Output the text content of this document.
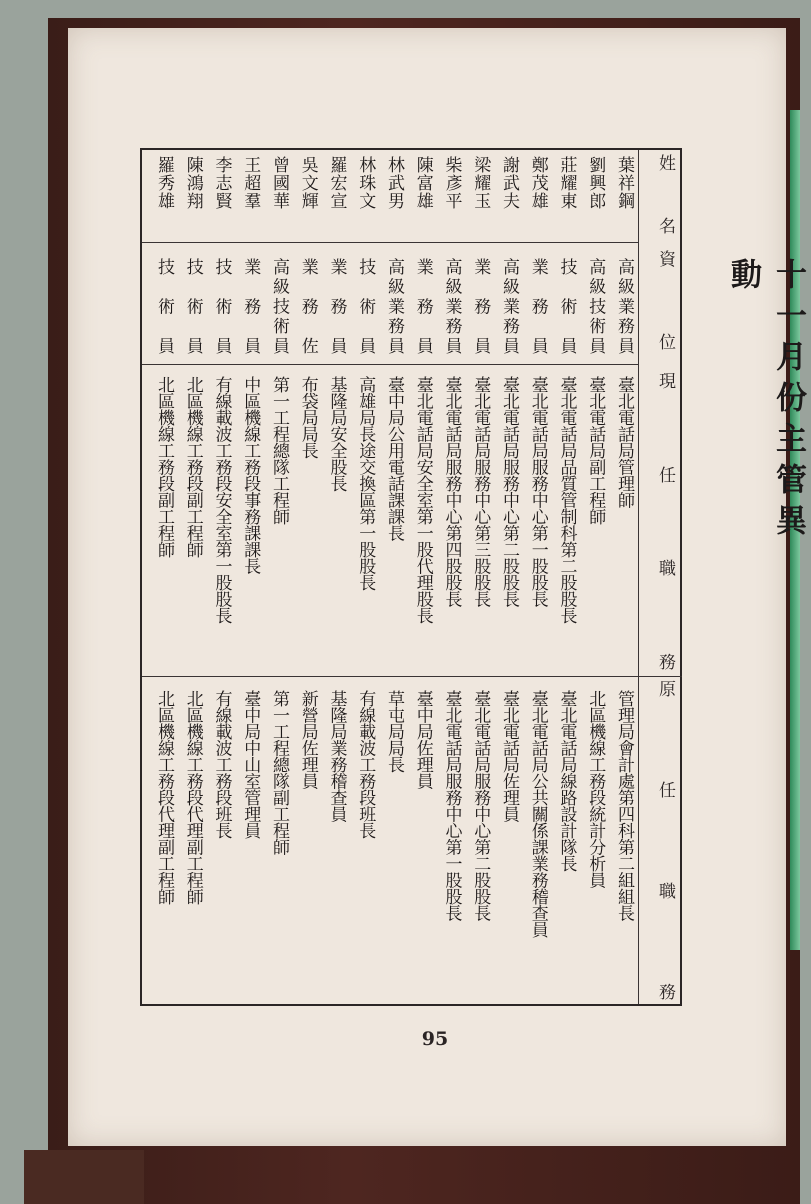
十一月份主管異動
姓
名
資
位
現
任
職
務
原
任
職
務
葉祥鋼
高級業務員
臺北電話局管理師
管理局會計處第四科第二組組長
劉興郎
高級技術員
臺北電話局副工程師
北區機線工務段統計分析員
莊耀東
技術員
臺北電話局品質管制科第二股股長
臺北電話局線路設計隊長
鄭茂雄
業務員
臺北電話局服務中心第一股股長
臺北電話局公共關係課業務稽查員
謝武夫
高級業務員
臺北電話局服務中心第二股股長
臺北電話局佐理員
梁耀玉
業務員
臺北電話局服務中心第三股股長
臺北電話局服務中心第二股股長
柴彥平
高級業務員
臺北電話局服務中心第四股股長
臺北電話局服務中心第一股股長
陳富雄
業務員
臺北電話局安全室第一股代理股長
臺中局佐理員
林武男
高級業務員
臺中局公用電話課課長
草屯局局長
林珠文
技術員
高雄局長途交換區第一股股長
有線載波工務段班長
羅宏宣
業務員
基隆局安全股長
基隆局業務稽查員
吳文輝
業務佐
布袋局局長
新營局佐理員
曾國華
高級技術員
第一工程總隊工程師
第一工程總隊副工程師
王超羣
業務員
中區機線工務段事務課課長
臺中局中山室管理員
李志賢
技術員
有線載波工務段安全室第一股股長
有線載波工務段班長
陳鴻翔
技術員
北區機線工務段副工程師
北區機線工務段代理副工程師
羅秀雄
技術員
北區機線工務段副工程師
北區機線工務段代理副工程師
95
